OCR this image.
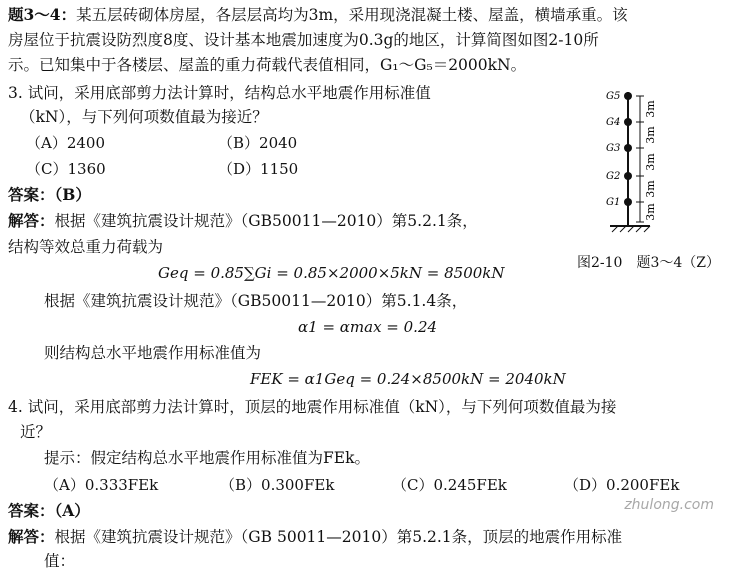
题3～4：某五层砖砌体房屋，各层层高均为3m，采用现浇混凝土楼、屋盖，横墙承重。该
房屋位于抗震设防烈度8度、设计基本地震加速度为0.3g的地区，计算简图如图2-10所
示。已知集中于各楼层、屋盖的重力荷载代表值相同，G₁～G₅＝2000kN。
3. 试问，采用底部剪力法计算时，结构总水平地震作用标准值
（kN），与下列何项数值最为接近？
（A）2400	（B）2040
（C）1360	（D）1150
答案：（B）
解答：根据《建筑抗震设计规范》（GB50011—2010）第5.2.1条，
结构等效总重力荷载为
Geq = 0.85∑Gi = 0.85×2000×5kN = 8500kN
根据《建筑抗震设计规范》（GB50011—2010）第5.1.4条，
α1 = αmax = 0.24
则结构总水平地震作用标准值为
FEK = α1Geq = 0.24×8500kN = 2040kN
4. 试问，采用底部剪力法计算时，顶层的地震作用标准值（kN），与下列何项数值最为接
近？
提示：假定结构总水平地震作用标准值为FEk。
（A）0.333FEk	（B）0.300FEk	（C）0.245FEk	（D）0.200FEk
答案：（A）
解答：根据《建筑抗震设计规范》（GB 50011—2010）第5.2.1条，顶层的地震作用标准
值：
G5
G4
G3
G2
G1
3m
3m
3m
3m
3m
图2-10　题3～4（Z）
zhulong.com
